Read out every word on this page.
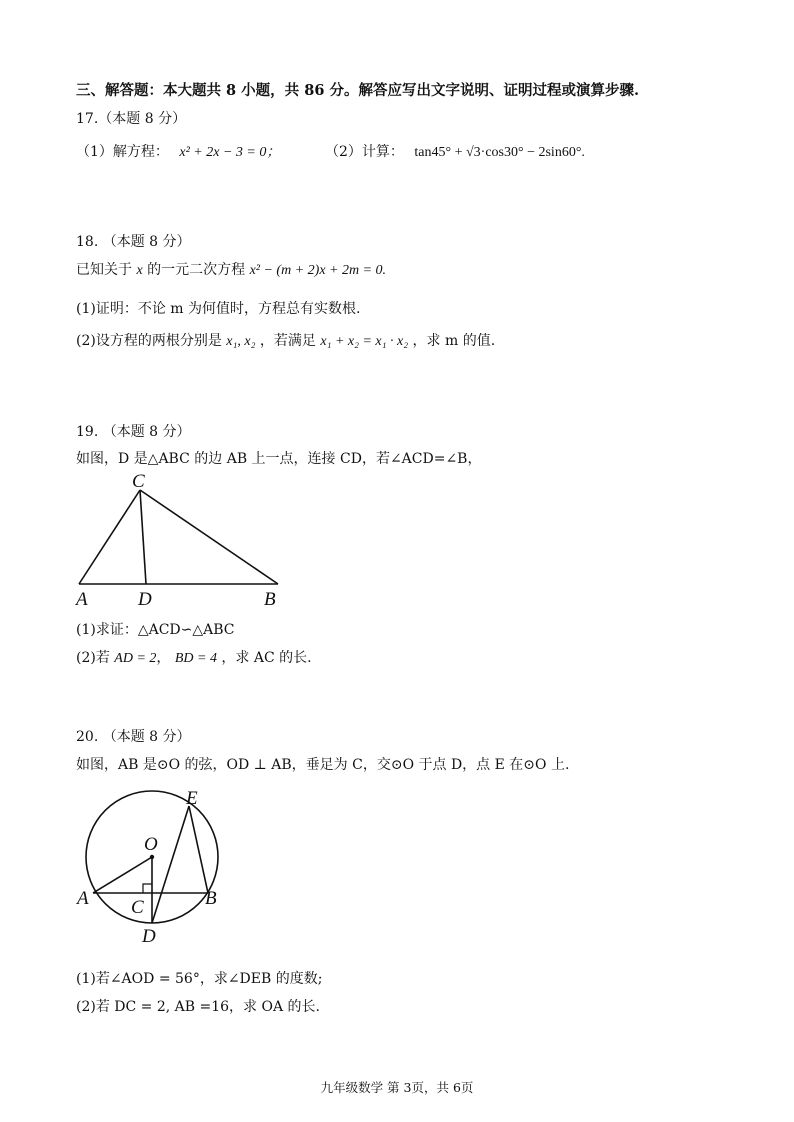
三、解答题：本大题共 8 小题，共 86 分。解答应写出文字说明、证明过程或演算步骤.
17.（本题 8 分）
（1）解方程： x² + 2x − 3 = 0；	（2）计算： tan45° + √3·cos30° − 2sin60°.
18. （本题 8 分）
已知关于 x 的一元二次方程 x² − (m + 2)x + 2m = 0.
(1)证明：不论 m 为何值时，方程总有实数根.
(2)设方程的两根分别是 x₁, x₂ ，若满足 x₁ + x₂ = x₁ · x₂ ，求 m 的值.
19. （本题 8 分）
如图，D 是△ABC 的边 AB 上一点，连接 CD，若∠ACD=∠B，
C
A	D	B
(1)求证：△ACD∽△ABC
(2)若 AD = 2， BD = 4 ，求 AC 的长.
20. （本题 8 分）
如图，AB 是⊙O 的弦，OD ⊥ AB，垂足为 C，交⊙O 于点 D，点 E 在⊙O 上.
E
O
A C	B
D
(1)若∠AOD = 56°，求∠DEB 的度数;
(2)若 DC = 2, AB =16，求 OA 的长.
九年级数学 第 3页，共 6页
